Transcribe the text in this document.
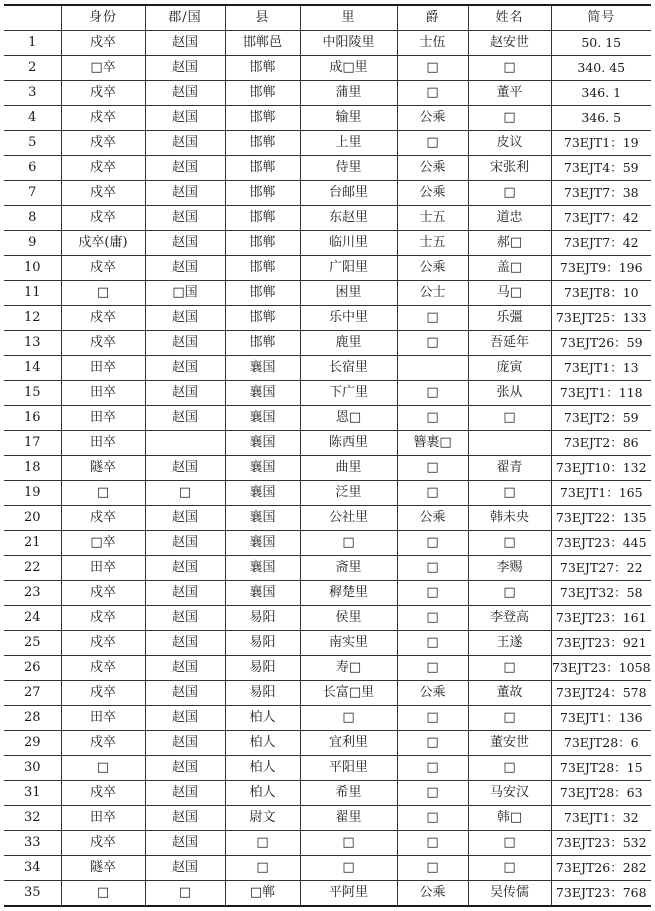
	身份	郡/国	县	里	爵	姓名	简号
1	戍卒	赵国	邯郸邑	中阳陵里	士伍	赵安世	50. 15
2	□卒	赵国	邯郸	成□里	□	□	340. 45
3	戍卒	赵国	邯郸	蒲里	□	董平	346. 1
4	戍卒	赵国	邯郸	输里	公乘	□	346. 5
5	戍卒	赵国	邯郸	上里	□	皮议	73EJT1：19
6	戍卒	赵国	邯郸	侍里	公乘	宋张利	73EJT4：59
7	戍卒	赵国	邯郸	台邮里	公乘	□	73EJT7：38
8	戍卒	赵国	邯郸	东赵里	士五	道忠	73EJT7：42
9	戍卒(庸)	赵国	邯郸	临川里	士五	郝□	73EJT7：42
10	戍卒	赵国	邯郸	广阳里	公乘	盖□	73EJT9：196
11	□	□国	邯郸	困里	公士	马□	73EJT8：10
12	戍卒	赵国	邯郸	乐中里	□	乐彊	73EJT25：133
13	戍卒	赵国	邯郸	鹿里	□	吾延年	73EJT26：59
14	田卒	赵国	襄国	长宿里		庞寅	73EJT1：13
15	田卒	赵国	襄国	下广里	□	张从	73EJT1：118
16	田卒	赵国	襄国	恩□	□	□	73EJT2：59
17	田卒		襄国	陈西里	簪裹□		73EJT2：86
18	隧卒	赵国	襄国	曲里	□	翟青	73EJT10：132
19	□	□	襄国	泛里	□	□	73EJT1：165
20	戍卒	赵国	襄国	公社里	公乘	韩未央	73EJT22：135
21	□卒	赵国	襄国	□	□	□	73EJT23：445
22	田卒	赵国	襄国	斋里	□	李赐	73EJT27：22
23	戍卒	赵国	襄国	稺楚里	□	□	73EJT32：58
24	戍卒	赵国	易阳	侯里	□	李登高	73EJT23：161
25	戍卒	赵国	易阳	南实里	□	王遂	73EJT23：921
26	戍卒	赵国	易阳	寿□	□	□	73EJT23：1058
27	戍卒	赵国	易阳	长富□里	公乘	董故	73EJT24：578
28	田卒	赵国	柏人	□	□	□	73EJT1：136
29	戍卒	赵国	柏人	宜利里	□	董安世	73EJT28：6
30	□	赵国	柏人	平阳里	□	□	73EJT28：15
31	戍卒	赵国	柏人	希里	□	马安汉	73EJT28：63
32	田卒	赵国	尉文	翟里	□	韩□	73EJT1：32
33	戍卒	赵国	□	□	□	□	73EJT23：532
34	隧卒	赵国	□	□	□	□	73EJT26：282
35	□	□	□郸	平阿里	公乘	吴传儒	73EJT23：768
